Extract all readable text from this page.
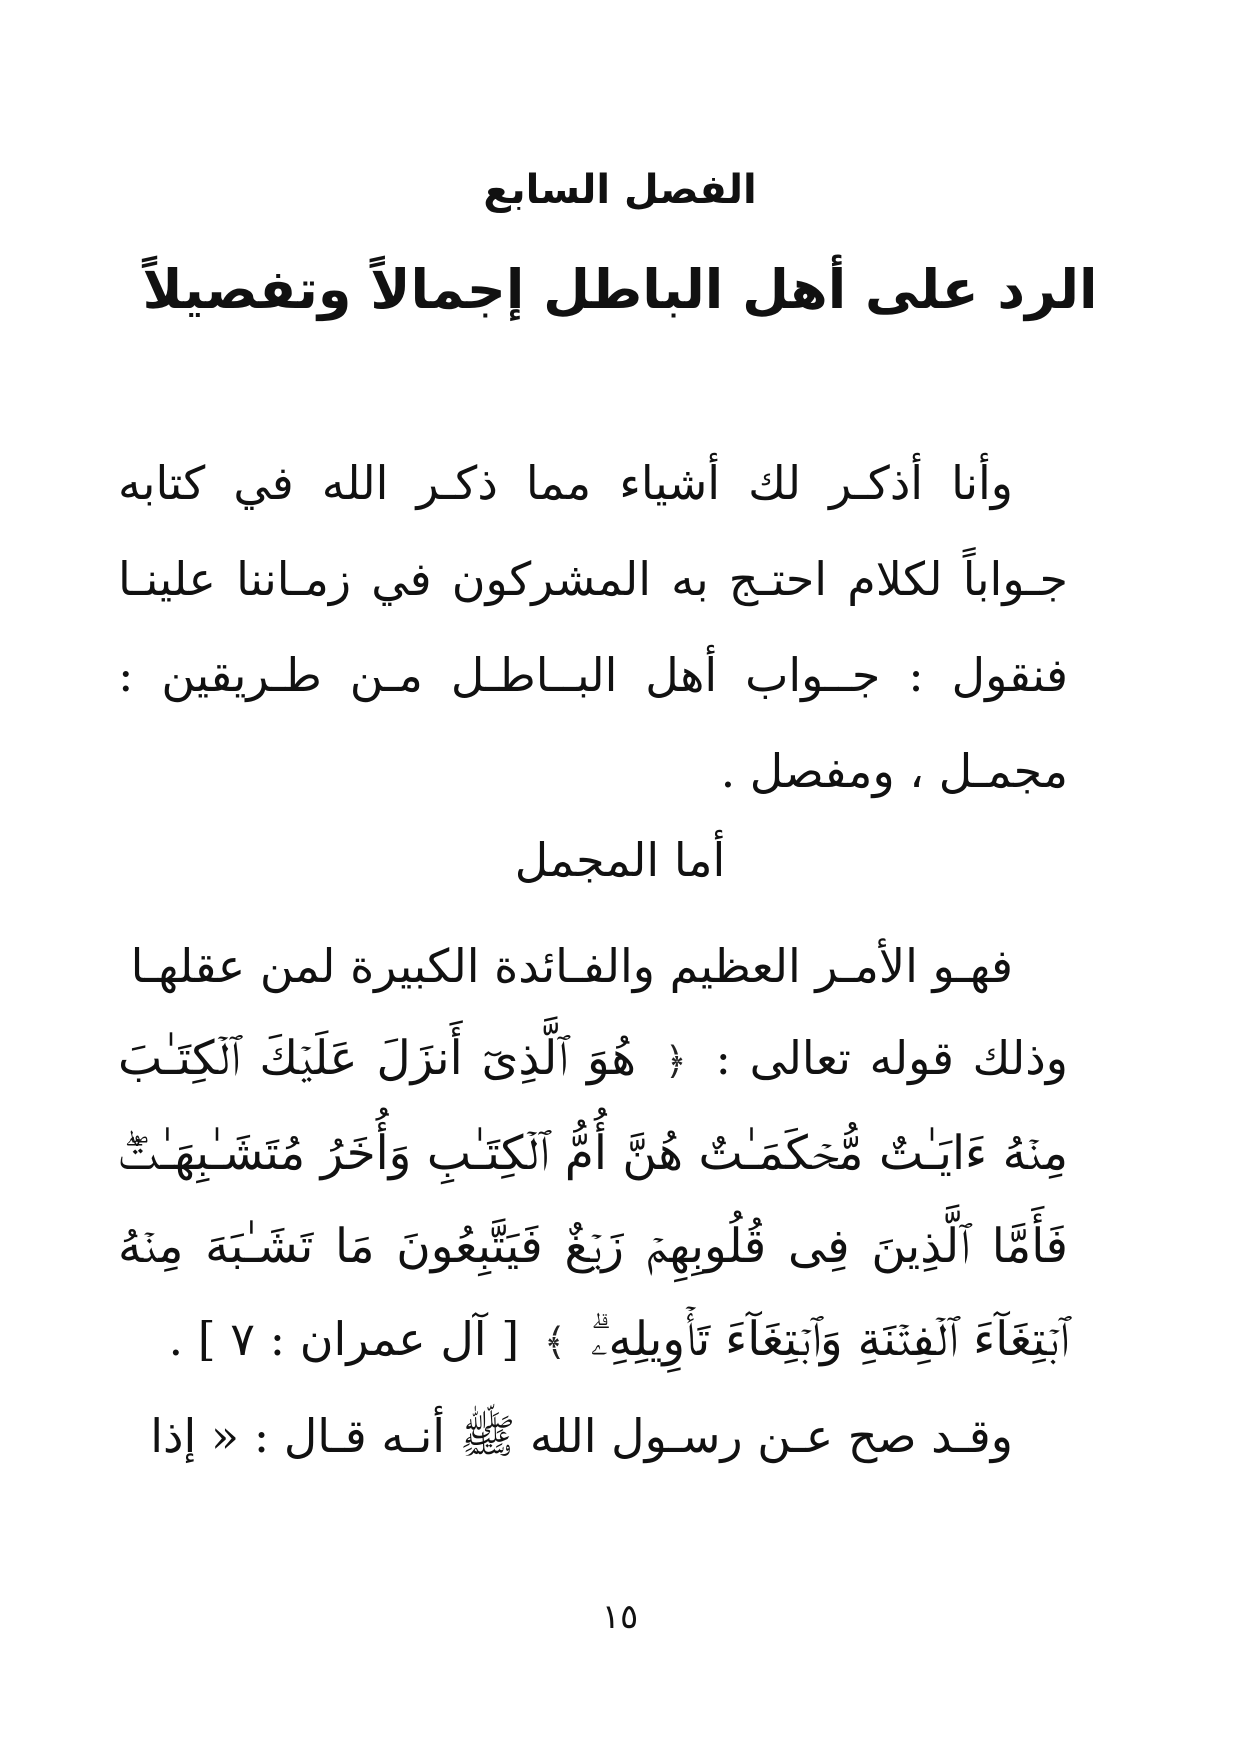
الفصل السابع
الرد على أهل الباطل إجمالاً وتفصيلاً
وأنا أذكـر لك أشياء مما ذكـر الله في كتابه جـواباً لكلام احتـج به المشركون في زمـاننا علينـا فنقول : جــواب أهل البــاطـل مـن طـريقين : مجمـل ، ومفصل .
أما المجمل
فهـو الأمـر العظيم والفـائدة الكبيرة لمن عقلهـا
وذلك قوله تعالى : ﴿ هُوَ ٱلَّذِىٓ أَنزَلَ عَلَيۡكَ ٱلۡكِتَـٰبَ مِنۡهُ ءَايَـٰتٌ مُّحۡكَمَـٰتٌ هُنَّ أُمُّ ٱلۡكِتَـٰبِ وَأُخَرُ مُتَشَـٰبِهَـٰتٌۖ فَأَمَّا ٱلَّذِينَ فِى قُلُوبِهِمۡ زَيۡغٌ فَيَتَّبِعُونَ مَا تَشَـٰبَهَ مِنۡهُ ٱبۡتِغَآءَ ٱلۡفِتۡنَةِ وَٱبۡتِغَآءَ تَأۡوِيلِهِۦۗ ﴾ [ آل عمران : ٧ ] .
وقـد صح عـن رسـول الله ﷺ أنـه قـال : « إذا
١٥
